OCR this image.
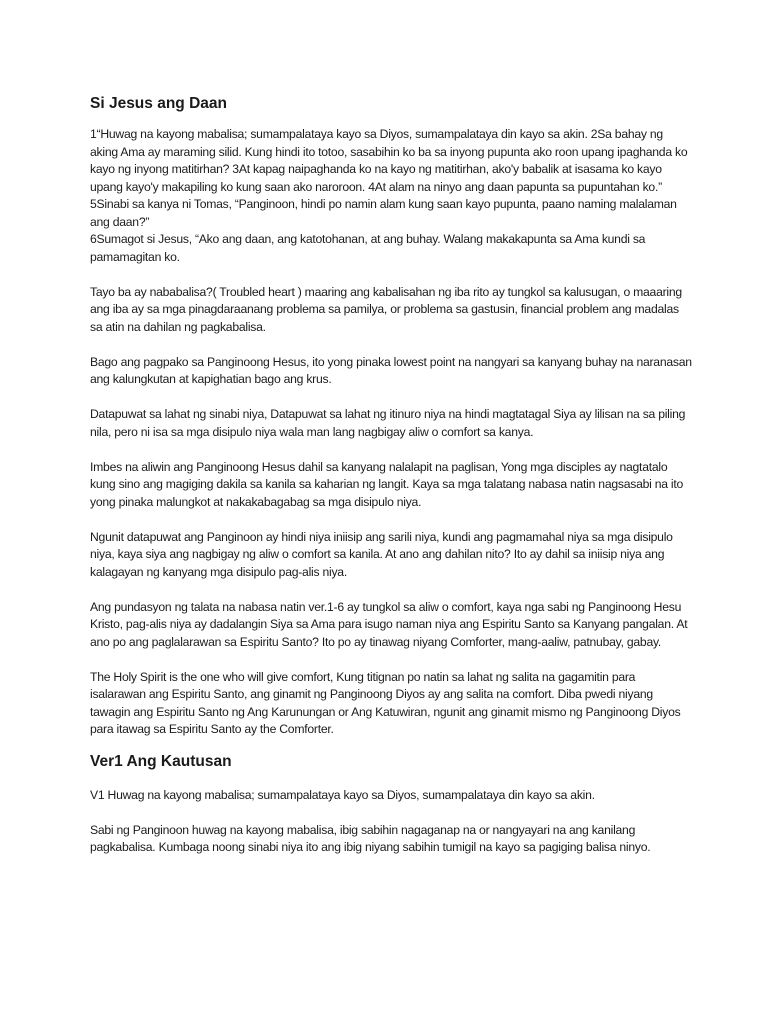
Si Jesus ang Daan

1“Huwag na kayong mabalisa; sumampalataya kayo sa Diyos, sumampalataya din kayo sa akin. 2Sa bahay ng aking Ama ay maraming silid. Kung hindi ito totoo, sasabihin ko ba sa inyong pupunta ako roon upang ipaghanda ko kayo ng inyong matitirhan? 3At kapag naipaghanda ko na kayo ng matitirhan, ako'y babalik at isasama ko kayo upang kayo'y makapiling ko kung saan ako naroroon. 4At alam na ninyo ang daan papunta sa pupuntahan ko.”
5Sinabi sa kanya ni Tomas, “Panginoon, hindi po namin alam kung saan kayo pupunta, paano naming malalaman ang daan?”
6Sumagot si Jesus, “Ako ang daan, ang katotohanan, at ang buhay. Walang makakapunta sa Ama kundi sa pamamagitan ko.

Tayo ba ay nababalisa?( Troubled heart ) maaring ang kabalisahan ng iba rito ay tungkol sa kalusugan, o maaaring ang iba ay sa mga pinagdaraanang problema sa pamilya, or problema sa gastusin, financial problem ang madalas sa atin na dahilan ng pagkabalisa.

Bago ang pagpako sa Panginoong Hesus, ito yong pinaka lowest point na nangyari sa kanyang buhay na naranasan ang kalungkutan at kapighatian bago ang krus.

Datapuwat sa lahat ng sinabi niya, Datapuwat sa lahat ng itinuro niya na hindi magtatagal Siya ay lilisan na sa piling nila, pero ni isa sa mga disipulo niya wala man lang nagbigay aliw o comfort sa kanya.

Imbes na aliwin ang Panginoong Hesus dahil sa kanyang nalalapit na paglisan, Yong mga disciples ay nagtatalo kung sino ang magiging dakila sa kanila sa kaharian ng langit. Kaya sa mga talatang nabasa natin nagsasabi na ito yong pinaka malungkot at nakakabagabag sa mga disipulo niya.

Ngunit datapuwat ang Panginoon ay hindi niya iniisip ang sarili niya, kundi ang pagmamahal niya sa mga disipulo niya, kaya siya ang nagbigay ng aliw o comfort sa kanila. At ano ang dahilan nito? Ito ay dahil sa iniisip niya ang kalagayan ng kanyang mga disipulo pag-alis niya.

Ang pundasyon ng talata na nabasa natin ver.1-6 ay tungkol sa aliw o comfort, kaya nga sabi ng Panginoong Hesu Kristo, pag-alis niya ay dadalangin Siya sa Ama para isugo naman niya ang Espiritu Santo sa Kanyang pangalan. At ano po ang paglalarawan sa Espiritu Santo? Ito po ay tinawag niyang Comforter, mang-aaliw, patnubay, gabay.

The Holy Spirit is the one who will give comfort, Kung titignan po natin sa lahat ng salita na gagamitin para isalarawan ang Espiritu Santo, ang ginamit ng Panginoong Diyos ay ang salita na comfort. Diba pwedi niyang tawagin ang Espiritu Santo ng Ang Karunungan or Ang Katuwiran, ngunit ang ginamit mismo ng Panginoong Diyos para itawag sa Espiritu Santo ay the Comforter.

Ver1 Ang Kautusan

V1 Huwag na kayong mabalisa; sumampalataya kayo sa Diyos, sumampalataya din kayo sa akin.

Sabi ng Panginoon huwag na kayong mabalisa, ibig sabihin nagaganap na or nangyayari na ang kanilang pagkabalisa. Kumbaga noong sinabi niya ito ang ibig niyang sabihin tumigil na kayo sa pagiging balisa ninyo.
